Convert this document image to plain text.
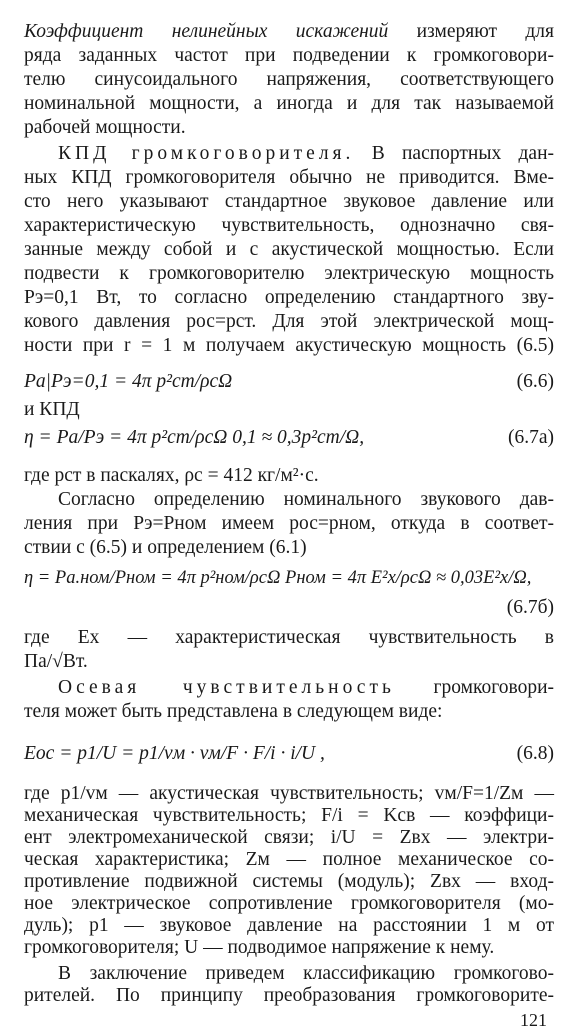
Коэффициент нелинейных искажений измеряют для
ряда заданных частот при подведении к громкоговори-
телю синусоидального напряжения, соответствующего
номинальной мощности, а иногда и для так называемой
рабочей мощности.
КПД громкоговорителя. В паспортных дан-
ных КПД громкоговорителя обычно не приводится. Вме-
сто него указывают стандартное звуковое давление или
характеристическую чувствительность, однозначно свя-
занные между собой и с акустической мощностью. Если
подвести к громкоговорителю электрическую мощность
Pэ=0,1 Вт, то согласно определению стандартного зву-
кового давления pос=pст. Для этой электрической мощ-
ности при r = 1 м получаем акустическую мощность (6.5)
Pа|Pэ=0,1 = 4π p²ст/ρcΩ	(6.6)
и КПД
η = Pа/Pэ = 4π p²ст/ρcΩ 0,1 ≈ 0,3p²ст/Ω,	(6.7а)
где pст в паскалях, ρc = 412 кг/м²·с.
Согласно определению номинального звукового дав-
ления при Pэ=Pном имеем pос=pном, откуда в соответ-
ствии с (6.5) и определением (6.1)
η = Pа.ном/Pном = 4π p²ном/ρcΩ Pном = 4π E²x/ρcΩ ≈ 0,03E²x/Ω,
(6.7б)
где Ex — характеристическая чувствительность в
Па/√Вт.
Осевая чувствительность громкоговори-
теля может быть представлена в следующем виде:
Eос = p1/U = p1/vм · vм/F · F/i · i/U ,	(6.8)
121
где p1/vм — акустическая чувствительность; vм/F=1/Zм —
механическая чувствительность; F/i = Kсв — коэффици-
ент электромеханической связи; i/U = Zвх — электри-
ческая характеристика; Zм — полное механическое со-
противление подвижной системы (модуль); Zвх — вход-
ное электрическое сопротивление громкоговорителя (мо-
дуль); p1 — звуковое давление на расстоянии 1 м от
громкоговорителя; U — подводимое напряжение к нему.
В заключение приведем классификацию громкогово-
рителей. По принципу преобразования громкоговорите-
